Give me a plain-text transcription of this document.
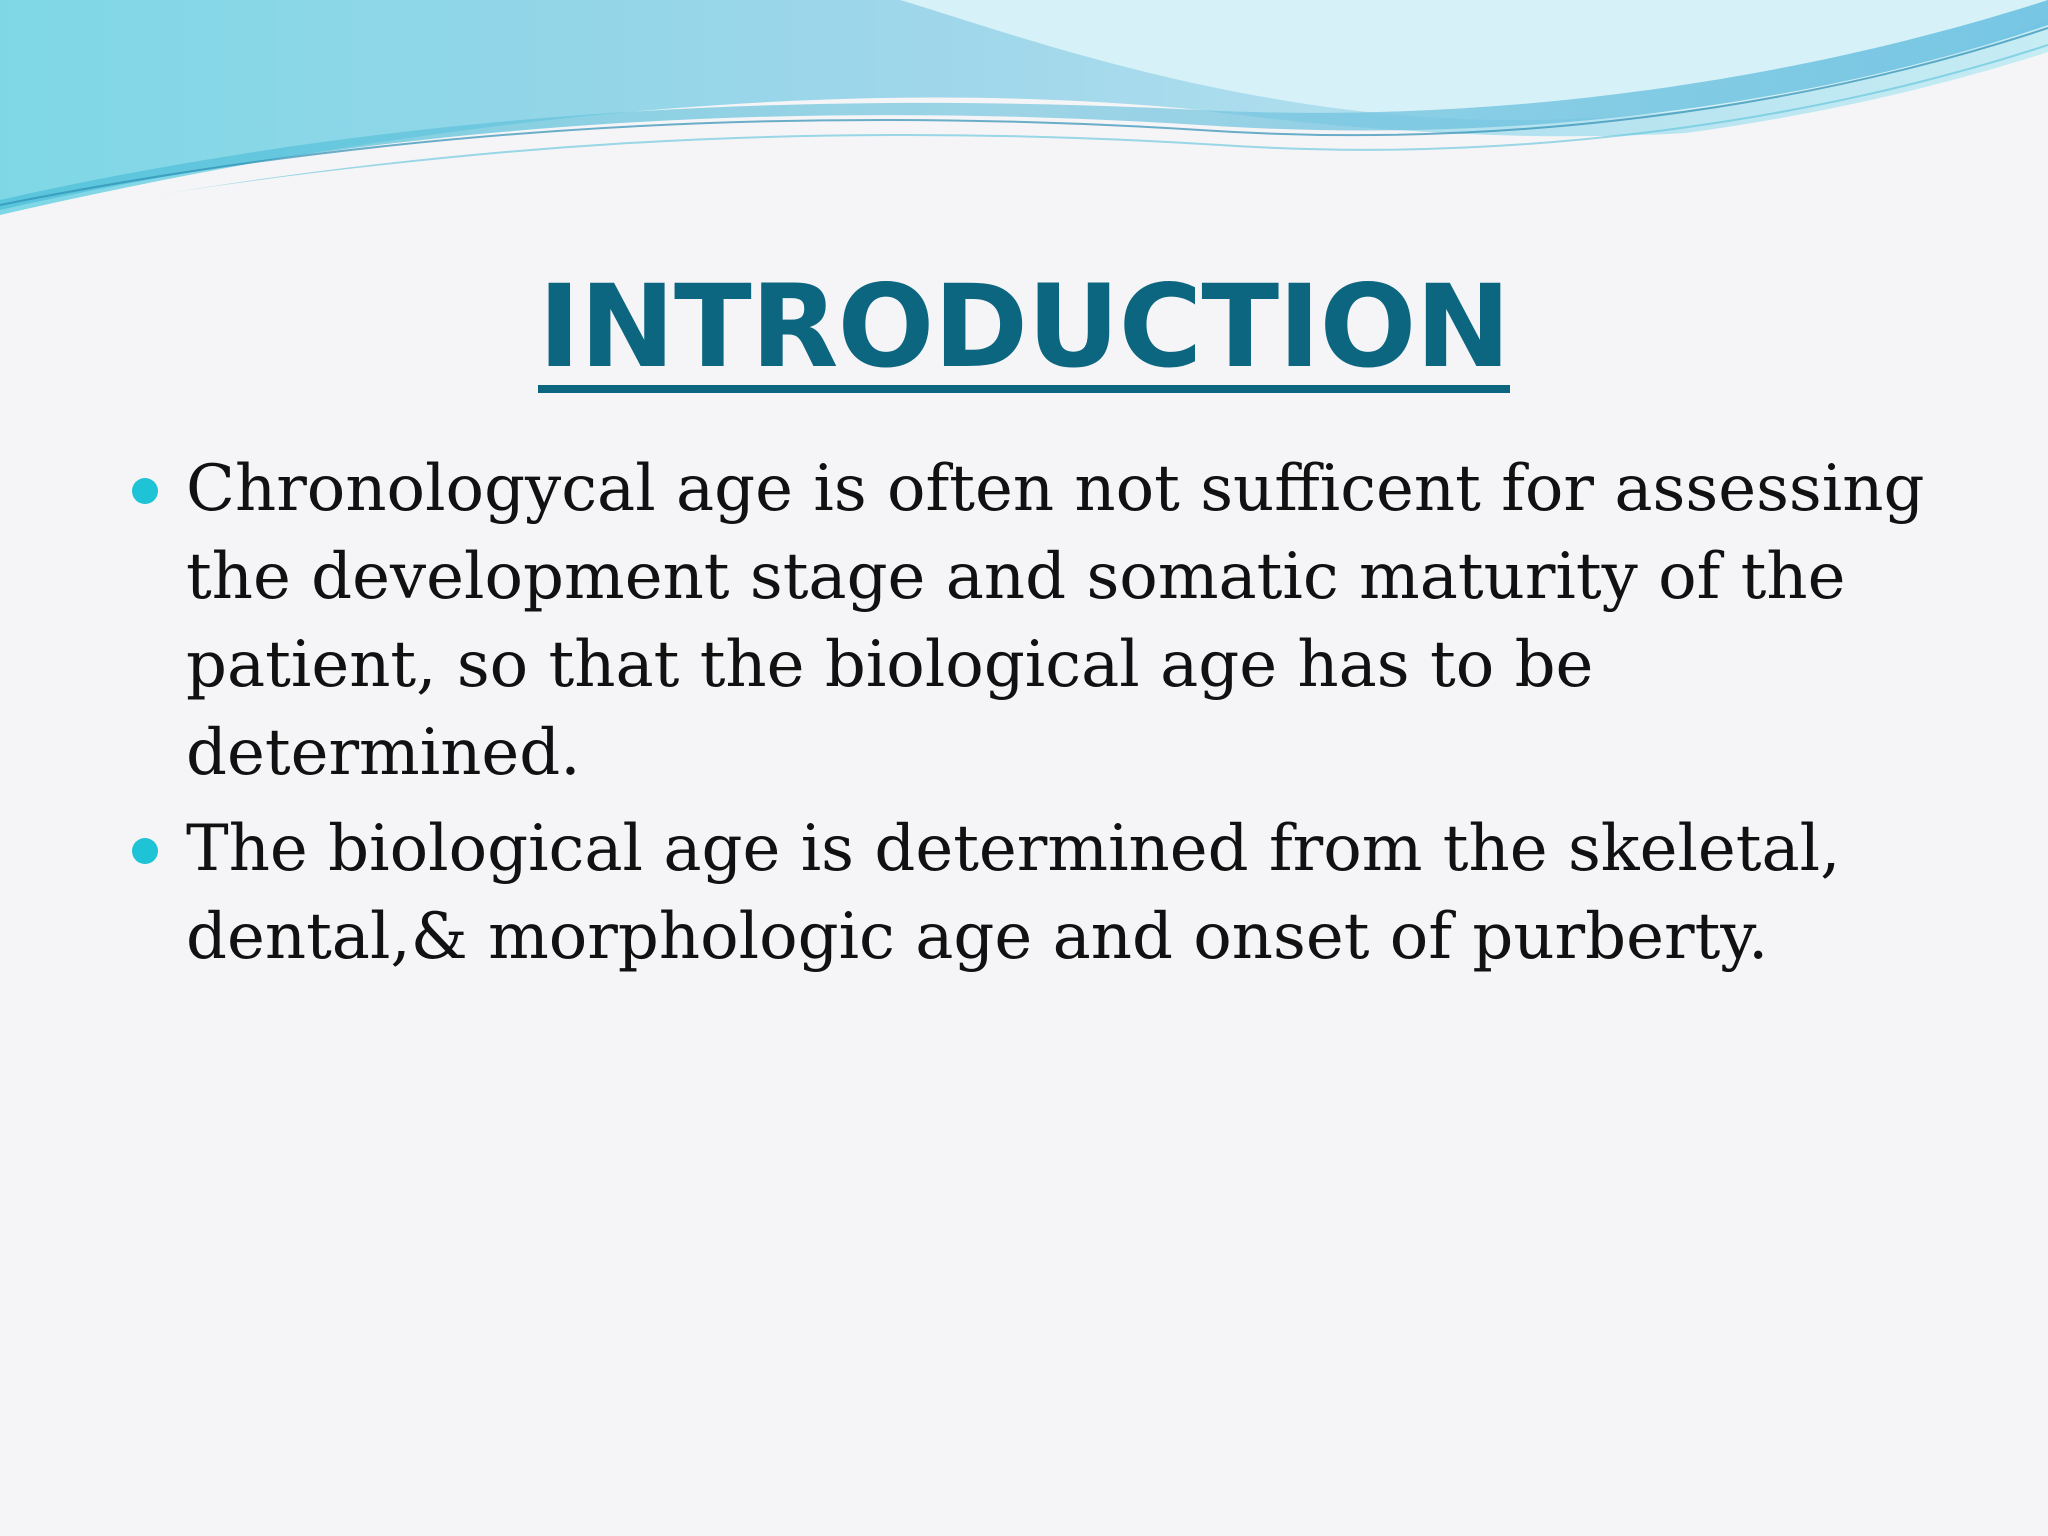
INTRODUCTION
Chronologycal age is often not sufficent for assessing
the development stage and somatic maturity of the
patient, so that the biological age has to be
determined.
The biological age is determined from the skeletal,
dental,& morphologic age and onset of purberty.
